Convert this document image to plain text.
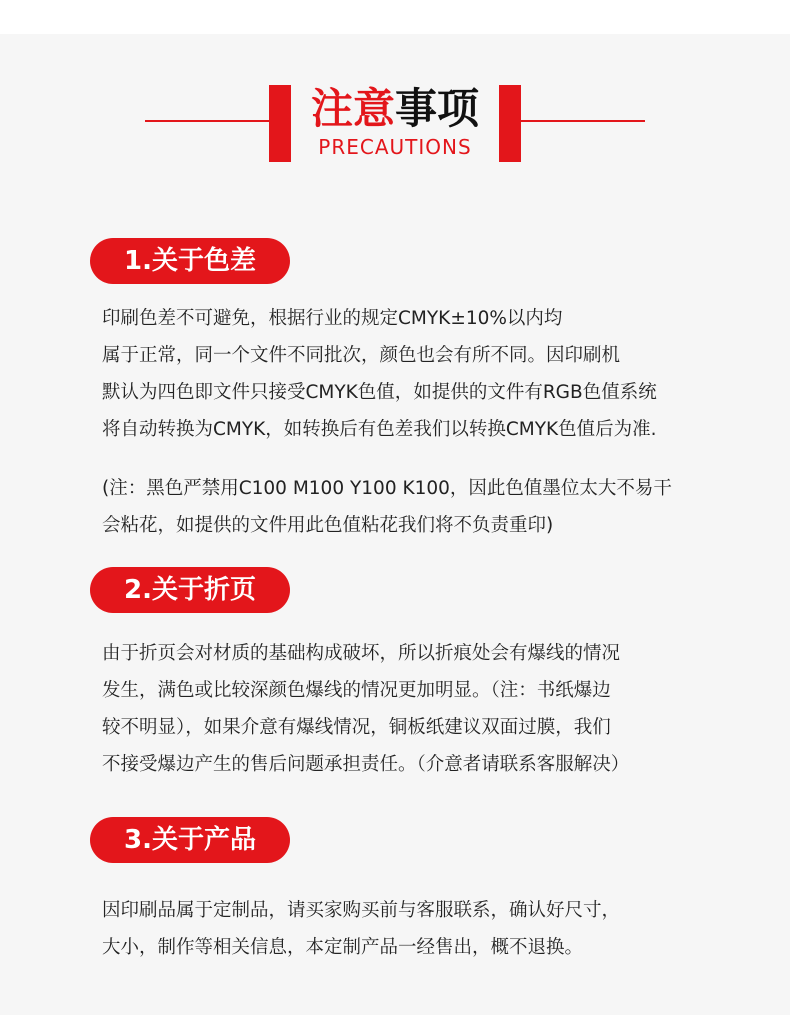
注意事项
PRECAUTIONS
1.关于色差

印刷色差不可避免，根据行业的规定CMYK±10%以内均
属于正常，同一个文件不同批次，颜色也会有所不同。因印刷机
默认为四色即文件只接受CMYK色值，如提供的文件有RGB色值系统
将自动转换为CMYK，如转换后有色差我们以转换CMYK色值后为准.

(注：黑色严禁用C100 M100 Y100 K100，因此色值墨位太大不易干
会粘花，如提供的文件用此色值粘花我们将不负责重印)

2.关于折页

由于折页会对材质的基础构成破坏，所以折痕处会有爆线的情况
发生，满色或比较深颜色爆线的情况更加明显。（注：书纸爆边
较不明显），如果介意有爆线情况，铜板纸建议双面过膜，我们
不接受爆边产生的售后问题承担责任。（介意者请联系客服解决）

3.关于产品

因印刷品属于定制品，请买家购买前与客服联系，确认好尺寸，
大小，制作等相关信息，本定制产品一经售出，概不退换。
